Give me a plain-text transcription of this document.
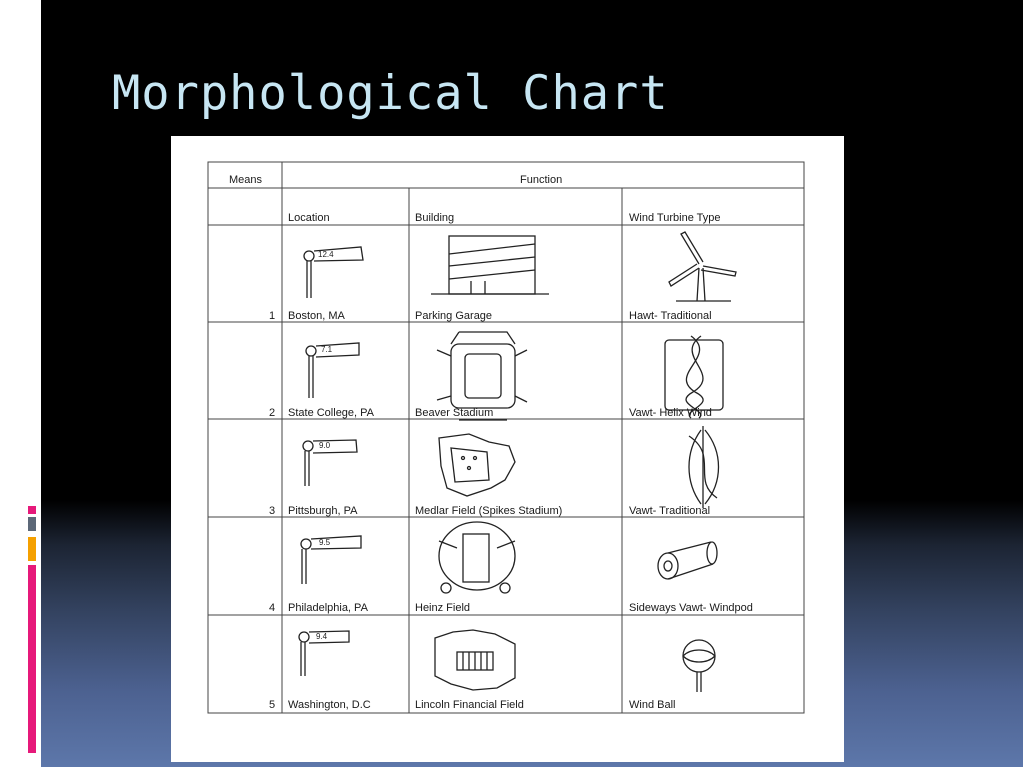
Morphological Chart
Means	Function
Location	Building	Wind Turbine Type
12.4
1 Boston, MA	Parking Garage	Hawt- Traditional
7.1
2 State College, PA	Beaver Stadium	Vawt- Helix Wind
9.0
3 Pittsburgh, PA	Medlar Field (Spikes Stadium)	Vawt- Traditional
9.5
4 Philadelphia, PA	Heinz Field	Sideways Vawt- Windpod
9.4
5 Washington, D.C	Lincoln Financial Field	Wind Ball
